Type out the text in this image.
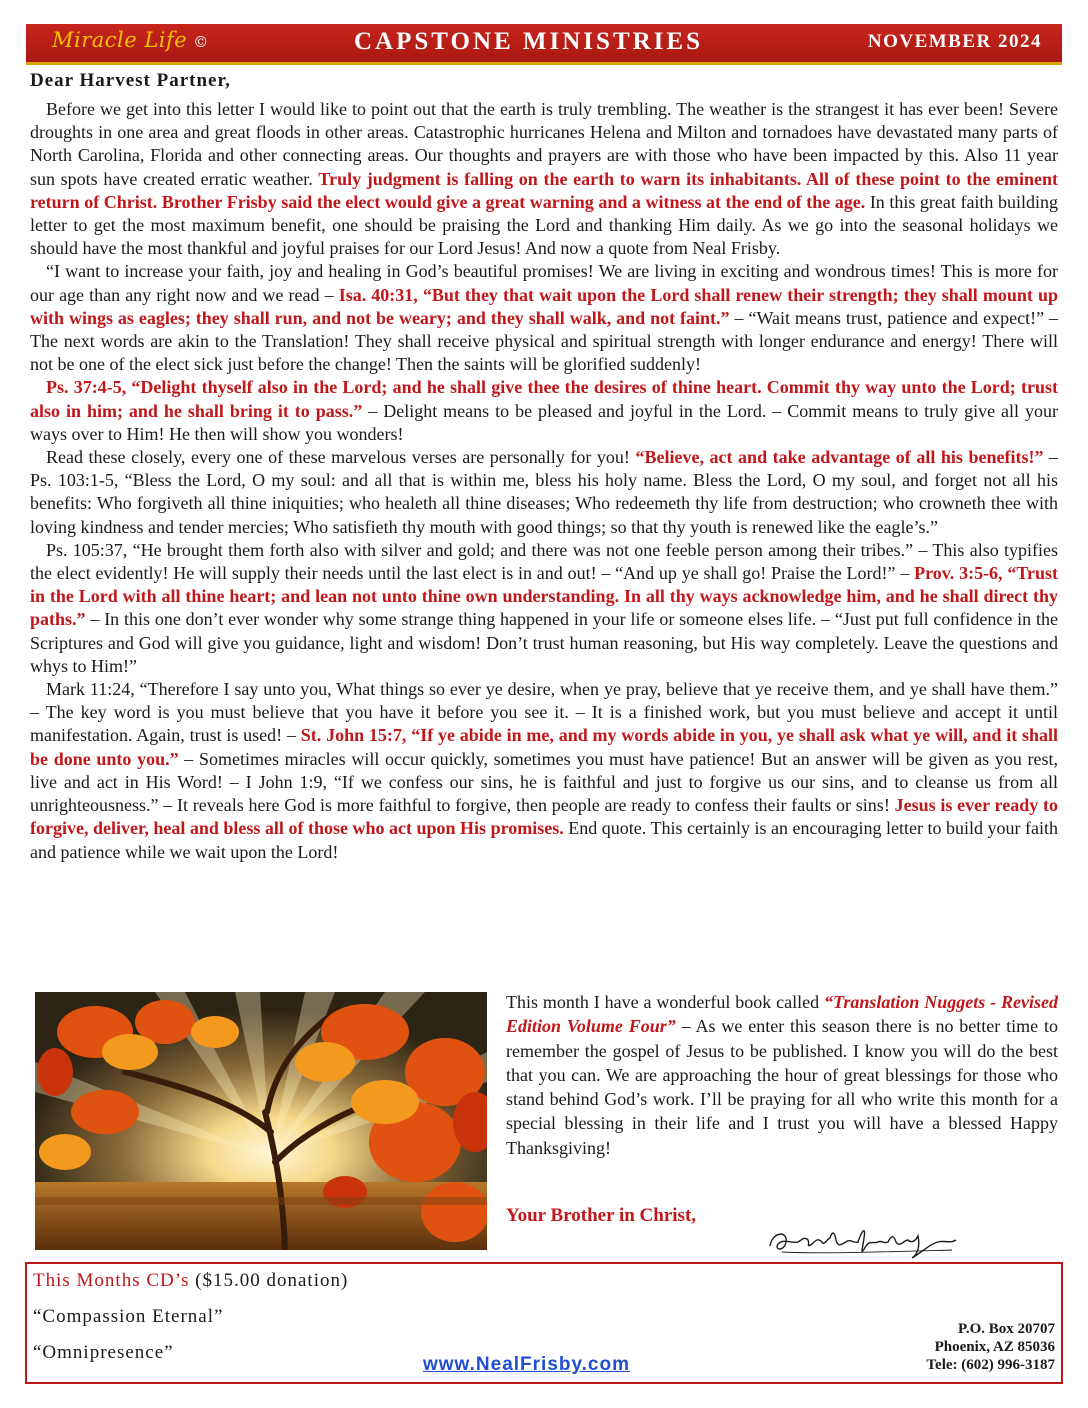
Miracle Life ©	CAPSTONE MINISTRIES	NOVEMBER 2024
Dear Harvest Partner,

Before we get into this letter I would like to point out that the earth is truly trembling. The weather is the strangest it has ever been! Severe droughts in one area and great floods in other areas. Catastrophic hurricanes Helena and Milton and tornadoes have devastated many parts of North Carolina, Florida and other connecting areas. Our thoughts and prayers are with those who have been impacted by this. Also 11 year sun spots have created erratic weather. Truly judgment is falling on the earth to warn its inhabitants. All of these point to the eminent return of Christ. Brother Frisby said the elect would give a great warning and a witness at the end of the age. In this great faith building letter to get the most maximum benefit, one should be praising the Lord and thanking Him daily. As we go into the seasonal holidays we should have the most thankful and joyful praises for our Lord Jesus! And now a quote from Neal Frisby.

“I want to increase your faith, joy and healing in God’s beautiful promises! We are living in exciting and wondrous times! This is more for our age than any right now and we read – Isa. 40:31, “But they that wait upon the Lord shall renew their strength; they shall mount up with wings as eagles; they shall run, and not be weary; and they shall walk, and not faint.” – “Wait means trust, patience and expect!” – The next words are akin to the Translation! They shall receive physical and spiritual strength with longer endurance and energy! There will not be one of the elect sick just before the change! Then the saints will be glorified suddenly!

Ps. 37:4-5, “Delight thyself also in the Lord; and he shall give thee the desires of thine heart. Commit thy way unto the Lord; trust also in him; and he shall bring it to pass.” – Delight means to be pleased and joyful in the Lord. – Commit means to truly give all your ways over to Him! He then will show you wonders!

Read these closely, every one of these marvelous verses are personally for you! “Believe, act and take advantage of all his benefits!” – Ps. 103:1-5, “Bless the Lord, O my soul: and all that is within me, bless his holy name. Bless the Lord, O my soul, and forget not all his benefits: Who forgiveth all thine iniquities; who healeth all thine diseases; Who redeemeth thy life from destruction; who crowneth thee with loving kindness and tender mercies; Who satisfieth thy mouth with good things; so that thy youth is renewed like the eagle’s.”

Ps. 105:37, “He brought them forth also with silver and gold; and there was not one feeble person among their tribes.” – This also typifies the elect evidently! He will supply their needs until the last elect is in and out! – “And up ye shall go! Praise the Lord!” – Prov. 3:5-6, “Trust in the Lord with all thine heart; and lean not unto thine own understanding. In all thy ways acknowledge him, and he shall direct thy paths.” – In this one don’t ever wonder why some strange thing happened in your life or someone elses life. – “Just put full confidence in the Scriptures and God will give you guidance, light and wisdom! Don’t trust human reasoning, but His way completely. Leave the questions and whys to Him!”

Mark 11:24, “Therefore I say unto you, What things so ever ye desire, when ye pray, believe that ye receive them, and ye shall have them.” – The key word is you must believe that you have it before you see it. – It is a finished work, but you must believe and accept it until manifestation. Again, trust is used! – St. John 15:7, “If ye abide in me, and my words abide in you, ye shall ask what ye will, and it shall be done unto you.” – Sometimes miracles will occur quickly, sometimes you must have patience! But an answer will be given as you rest, live and act in His Word! – I John 1:9, “If we confess our sins, he is faithful and just to forgive us our sins, and to cleanse us from all unrighteousness.” – It reveals here God is more faithful to forgive, then people are ready to confess their faults or sins! Jesus is ever ready to forgive, deliver, heal and bless all of those who act upon His promises. End quote. This certainly is an encouraging letter to build your faith and patience while we wait upon the Lord!

This month I have a wonderful book called “Translation Nuggets - Revised Edition Volume Four” – As we enter this season there is no better time to remember the gospel of Jesus to be published. I know you will do the best that you can. We are approaching the hour of great blessings for those who stand behind God’s work. I’ll be praying for all who write this month for a special blessing in their life and I trust you will have a blessed Happy Thanksgiving!
Your Brother in Christ,
This Months CD’s ($15.00 donation)
“Compassion Eternal”
“Omnipresence”
www.NealFrisby.com
P.O. Box 20707
Phoenix, AZ 85036
Tele: (602) 996-3187
